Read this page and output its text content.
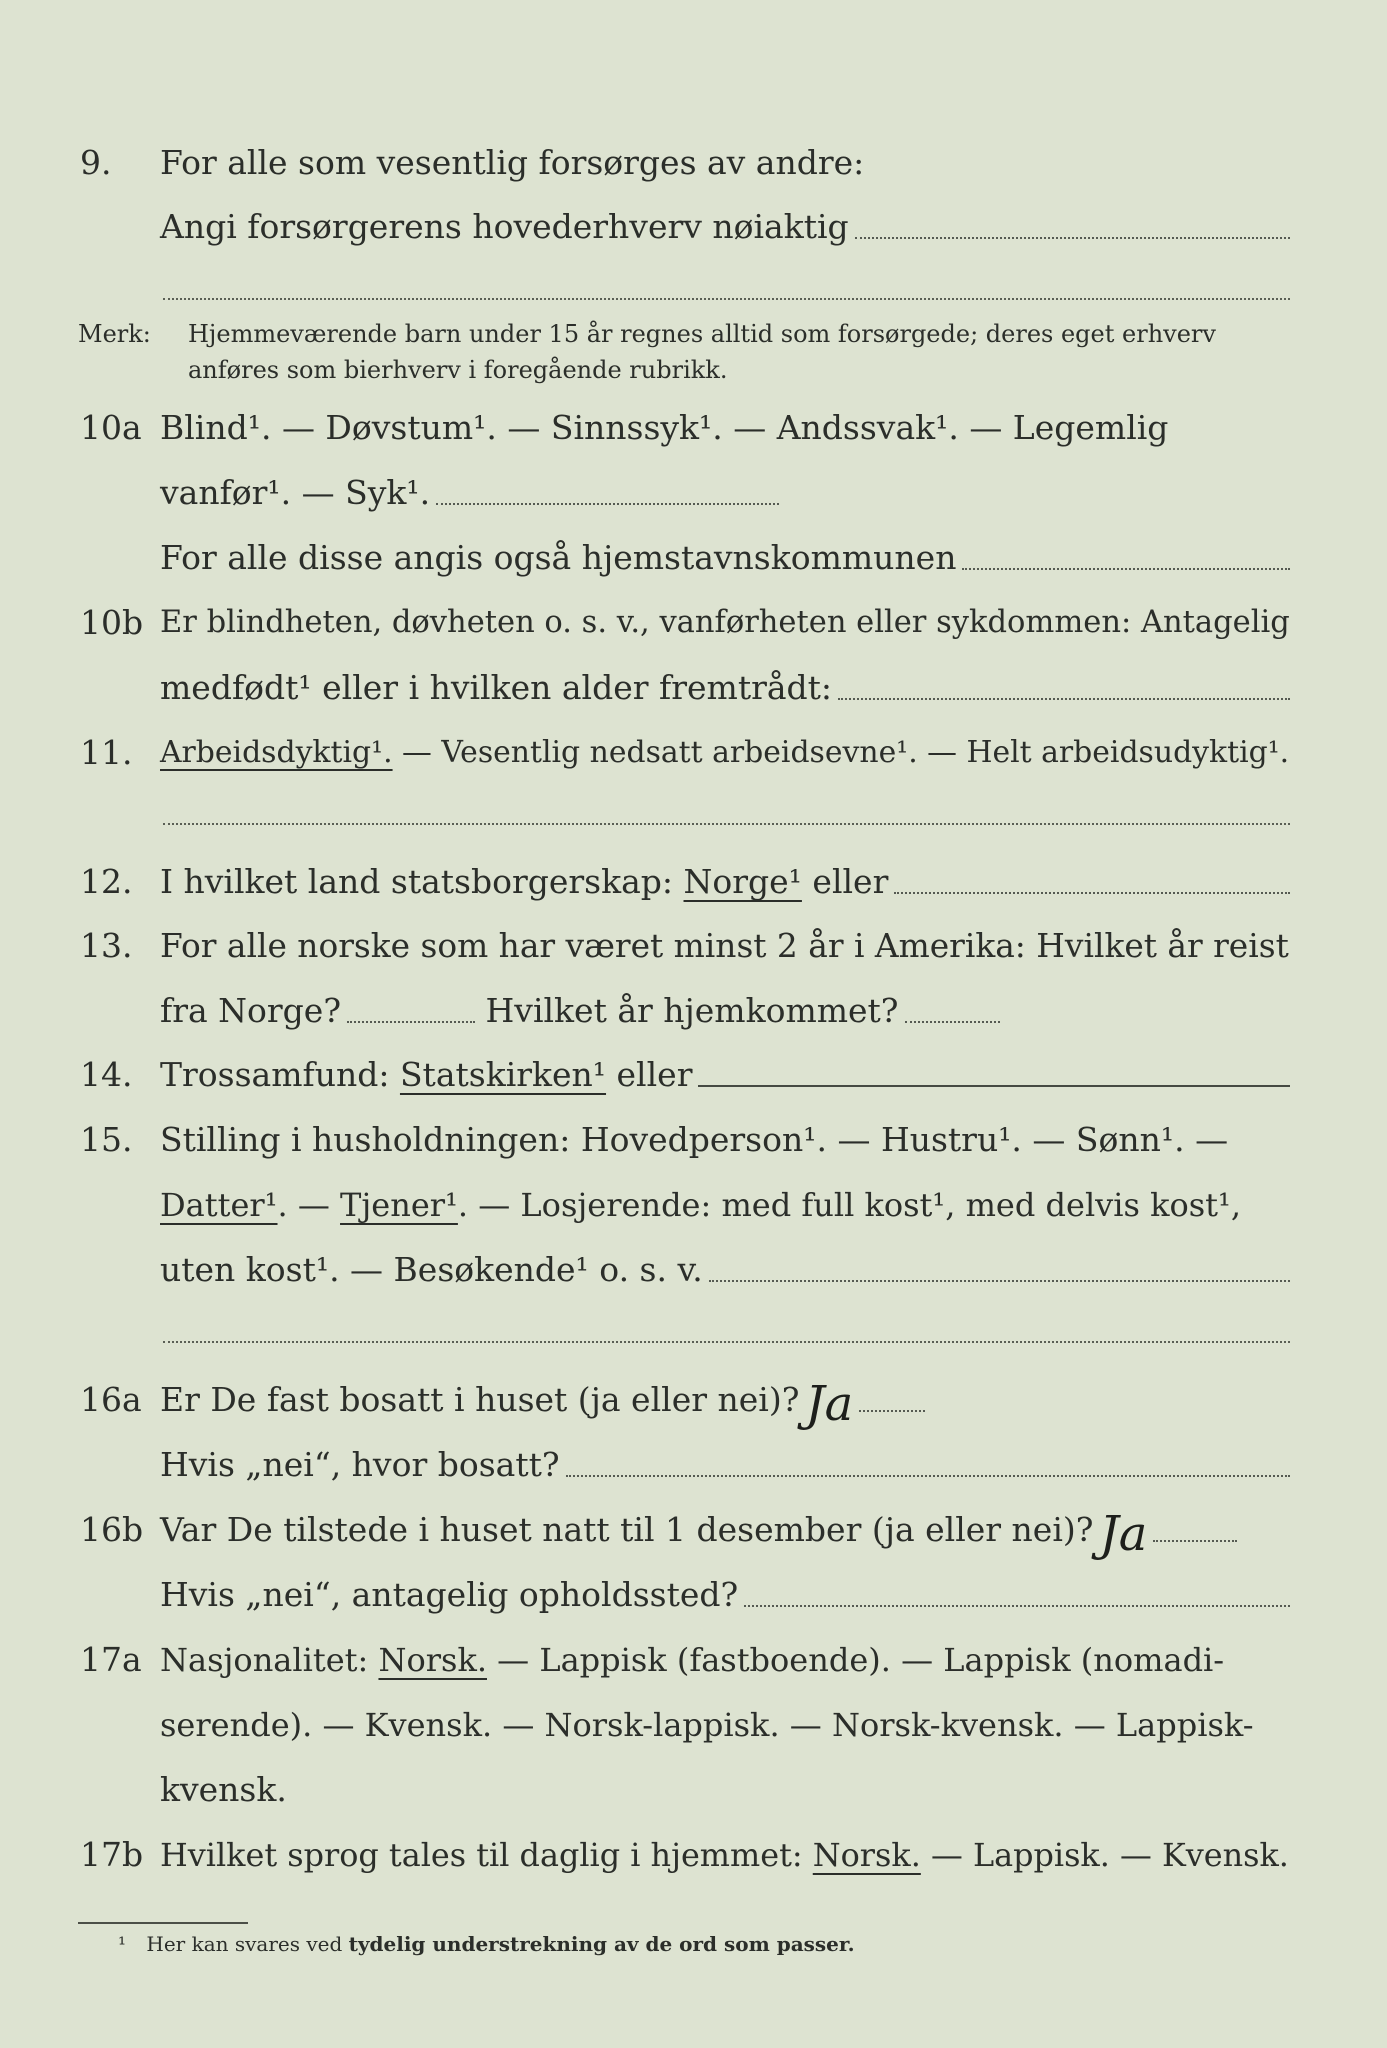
9. For alle som vesentlig forsørges av andre:
Angi forsørgerens hovederhverv nøiaktig
Merk: Hjemmeværende barn under 15 år regnes alltid som forsørgede; deres eget erhverv
anføres som bierhverv i foregående rubrikk.
10a Blind¹. — Døvstum¹. — Sinnssyk¹. — Andssvak¹. — Legemlig
vanfør¹. — Syk¹.
For alle disse angis også hjemstavnskommunen
10b Er blindheten, døvheten o. s. v., vanførheten eller sykdommen: Antagelig
medfødt¹ eller i hvilken alder fremtrådt:
11. Arbeidsdyktig¹. — Vesentlig nedsatt arbeidsevne¹. — Helt arbeidsudyktig¹.
12. I hvilket land statsborgerskap: Norge¹ eller
13. For alle norske som har været minst 2 år i Amerika: Hvilket år reist
fra Norge?	Hvilket år hjemkommet?
14. Trossamfund: Statskirken¹ eller
15. Stilling i husholdningen: Hovedperson¹. — Hustru¹. — Sønn¹. —
Datter¹ . — Tjener¹ . — Losjerende: med full kost¹, med delvis kost¹,
uten kost¹. — Besøkende¹ o. s. v.
16a Er De fast bosatt i huset (ja eller nei)? Ja
Hvis „nei“, hvor bosatt?
16b Var De tilstede i huset natt til 1 desember (ja eller nei)? Ja
Hvis „nei“, antagelig opholdssted?
17a Nasjonalitet: Norsk. — Lappisk (fastboende). — Lappisk (nomadi-
serende). — Kvensk. — Norsk-lappisk. — Norsk-kvensk. — Lappisk-
kvensk.
17b Hvilket sprog tales til daglig i hjemmet: Norsk. — Lappisk. — Kvensk.
¹ Her kan svares ved tydelig understrekning av de ord som passer.
